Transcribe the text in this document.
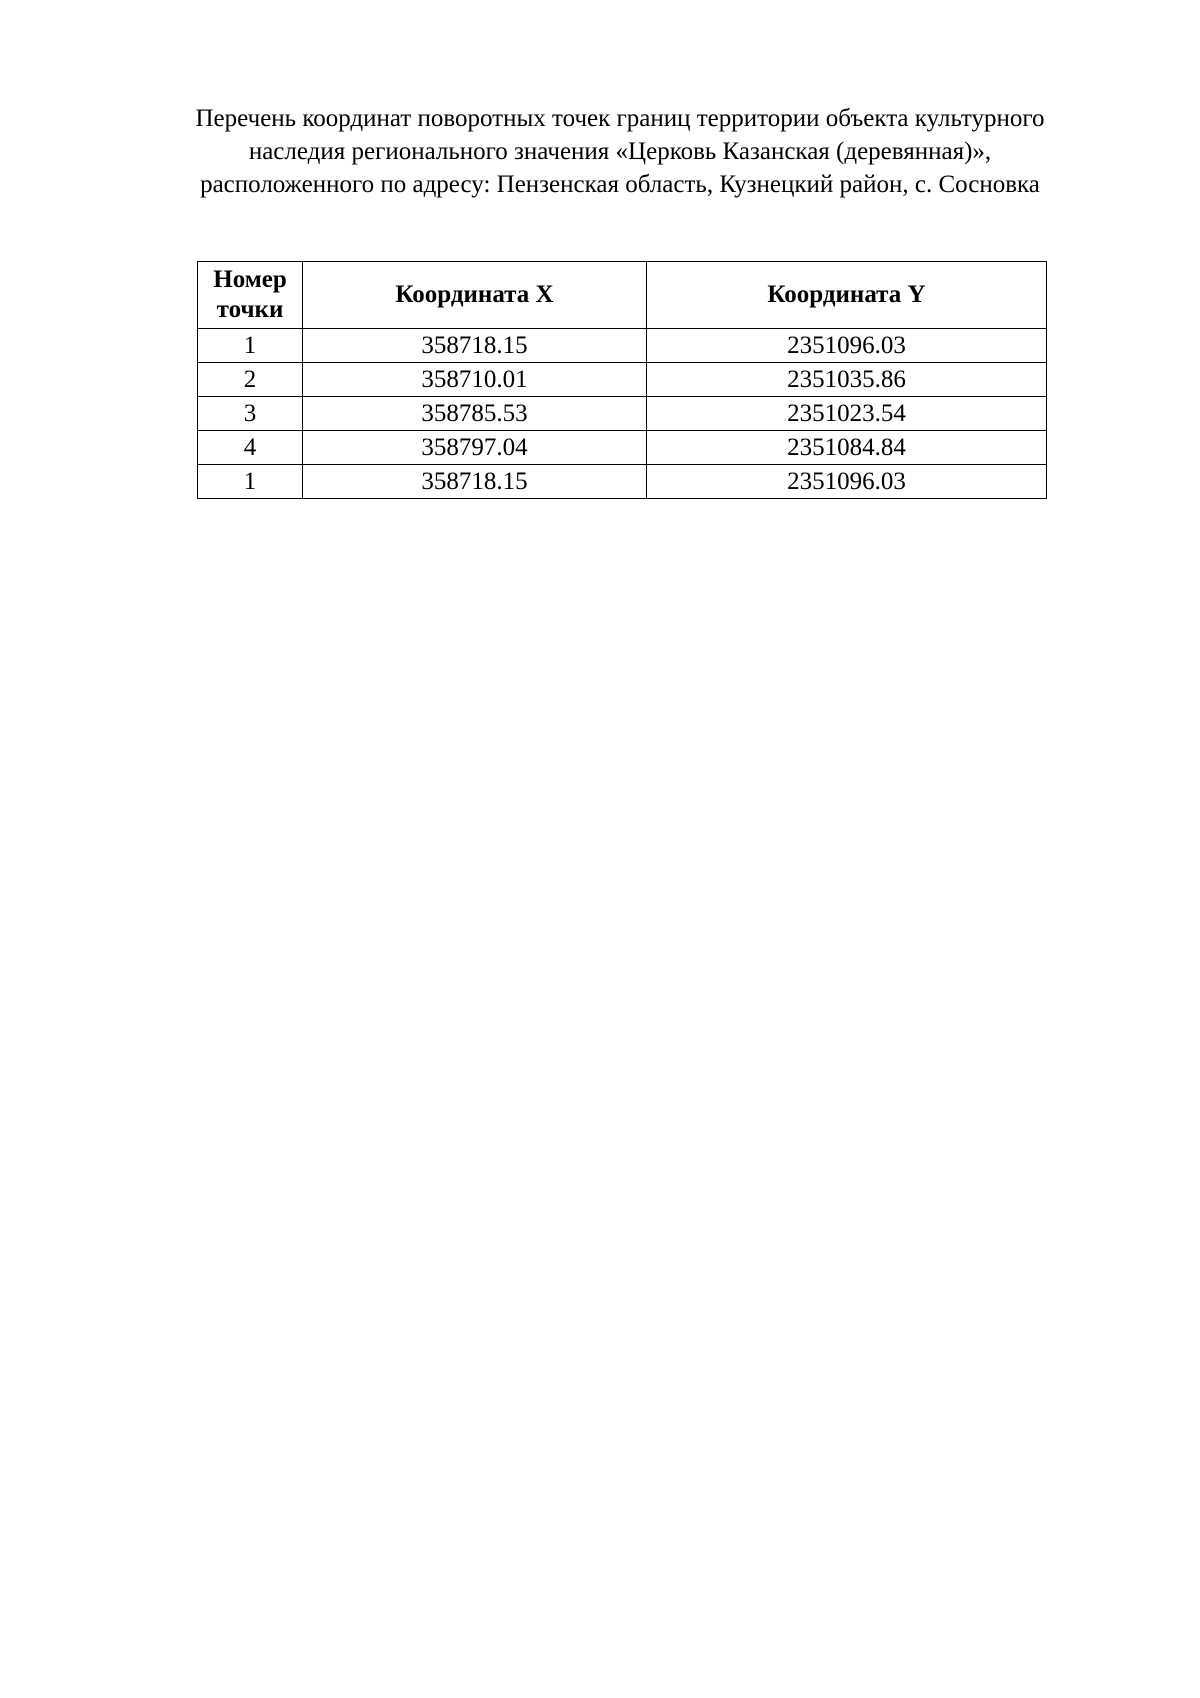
Перечень координат поворотных точек границ территории объекта культурного
наследия регионального значения «Церковь Казанская (деревянная)»,
расположенного по адресу: Пензенская область, Кузнецкий район, с. Сосновка
Номер
точки	Координата X	Координата Y
1	358718.15	2351096.03
2	358710.01	2351035.86
3	358785.53	2351023.54
4	358797.04	2351084.84
1	358718.15	2351096.03
